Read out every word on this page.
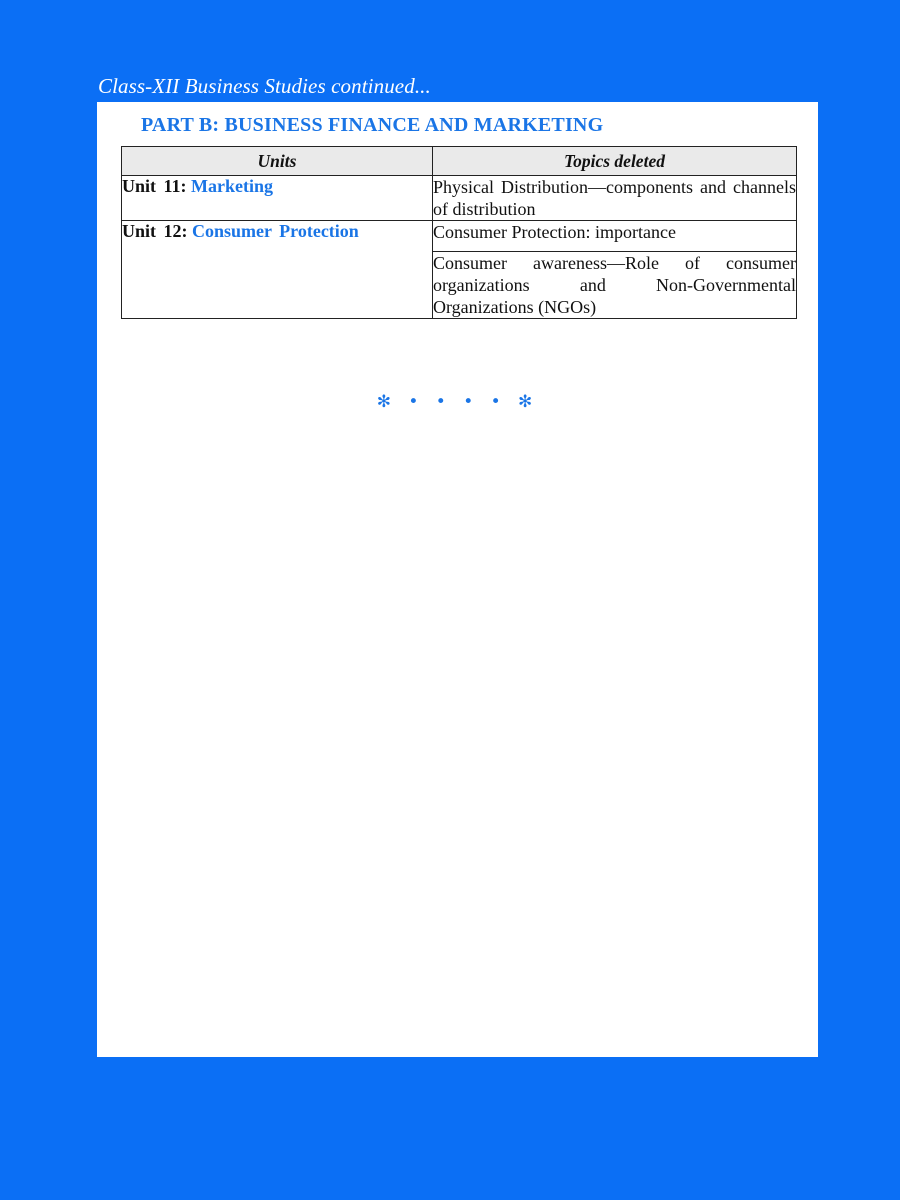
Class-XII Business Studies continued...
PART B: BUSINESS FINANCE AND MARKETING
Units	Topics deleted
Unit 11: Marketing	Physical Distribution—components and channels of distribution
Unit 12: Consumer Protection	Consumer Protection: importance
	Consumer awareness—Role of consumer organizations and Non-Governmental Organizations (NGOs)
✻ • • • • ✻
